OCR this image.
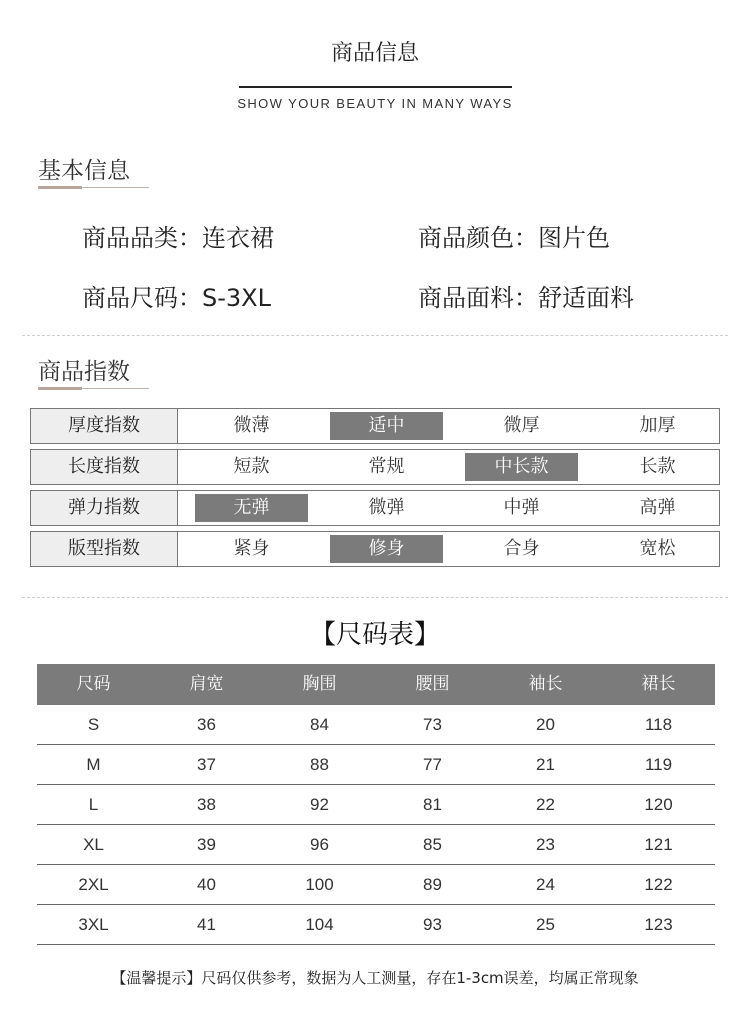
商品信息
SHOW YOUR BEAUTY IN MANY WAYS
基本信息
商品品类：连衣裙	商品颜色：图片色
商品尺码：S-3XL	商品面料：舒适面料
商品指数
厚度指数	微薄	适中	微厚	加厚
长度指数	短款	常规	中长款	长款
弹力指数	无弹	微弹	中弹	高弹
版型指数	紧身	修身	合身	宽松
【尺码表】
尺码	肩宽	胸围	腰围	袖长	裙长
S	36	84	73	20	118
M	37	88	77	21	119
L	38	92	81	22	120
XL	39	96	85	23	121
2XL	40	100	89	24	122
3XL	41	104	93	25	123
【温馨提示】尺码仅供参考，数据为人工测量，存在1-3cm误差，均属正常现象
